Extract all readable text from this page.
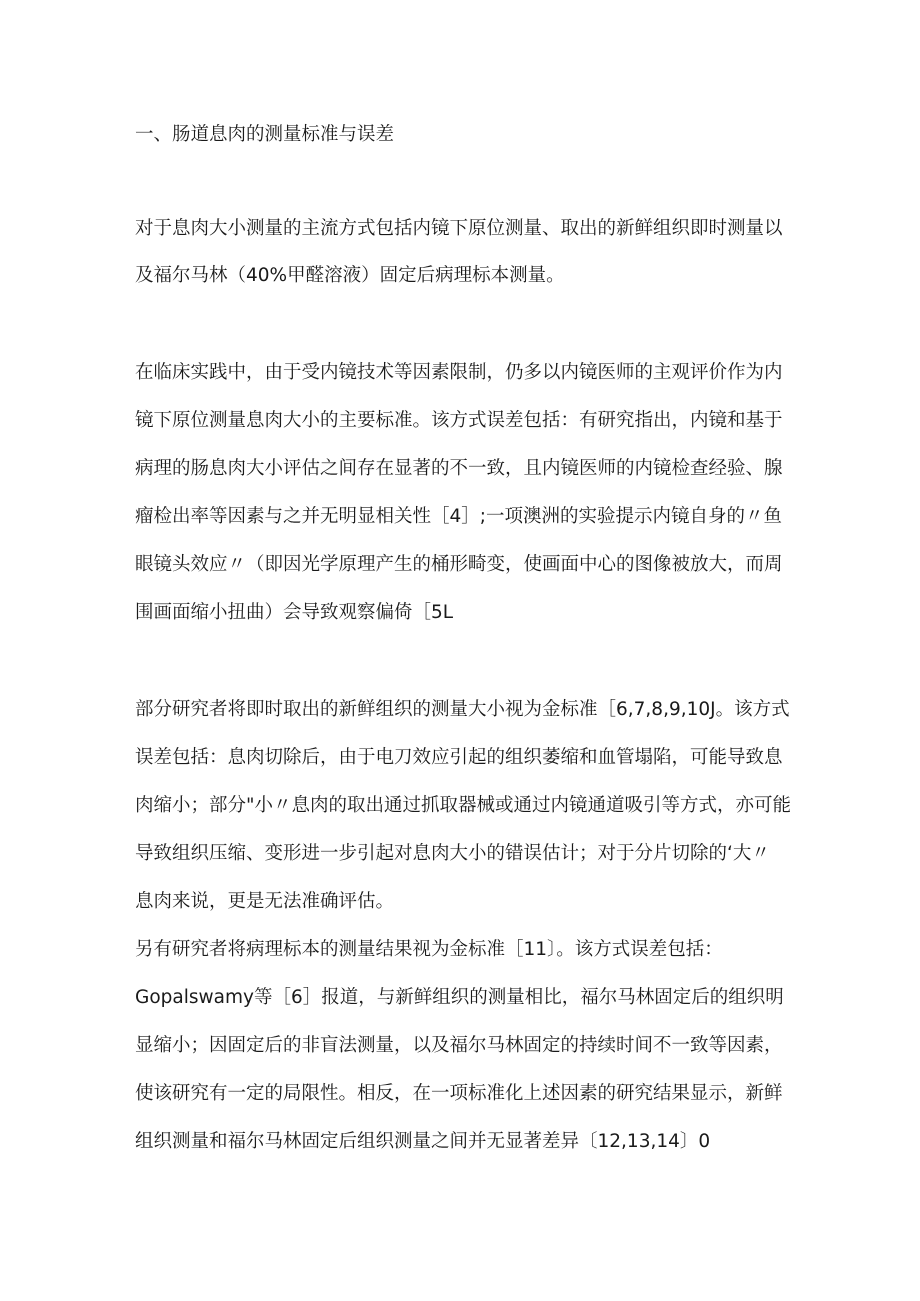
一、肠道息肉的测量标准与误差
对于息肉大小测量的主流方式包括内镜下原位测量、取出的新鲜组织即时测量以
及福尔马林（40%甲醛溶液）固定后病理标本测量。
在临床实践中，由于受内镜技术等因素限制，仍多以内镜医师的主观评价作为内
镜下原位测量息肉大小的主要标准。该方式误差包括：有研究指出，内镜和基于
病理的肠息肉大小评估之间存在显著的不一致，且内镜医师的内镜检查经验、腺
瘤检出率等因素与之并无明显相关性［4］;一项澳洲的实验提示内镜自身的〃鱼
眼镜头效应〃（即因光学原理产生的桶形畸变，使画面中心的图像被放大，而周
围画面缩小扭曲）会导致观察偏倚［5L
部分研究者将即时取出的新鲜组织的测量大小视为金标准［6,7,8,9,10J。该方式
误差包括：息肉切除后，由于电刀效应引起的组织萎缩和血管塌陷，可能导致息
肉缩小；部分"小〃息肉的取出通过抓取器械或通过内镜通道吸引等方式，亦可能
导致组织压缩、变形进一步引起对息肉大小的错误估计；对于分片切除的‘大〃
息肉来说，更是无法准确评估。
另有研究者将病理标本的测量结果视为金标准［11〕。该方式误差包括：
Gopalswamy等［6］报道，与新鲜组织的测量相比，福尔马林固定后的组织明
显缩小；因固定后的非盲法测量，以及福尔马林固定的持续时间不一致等因素，
使该研究有一定的局限性。相反，在一项标准化上述因素的研究结果显示，新鲜
组织测量和福尔马林固定后组织测量之间并无显著差异〔12,13,14〕0
